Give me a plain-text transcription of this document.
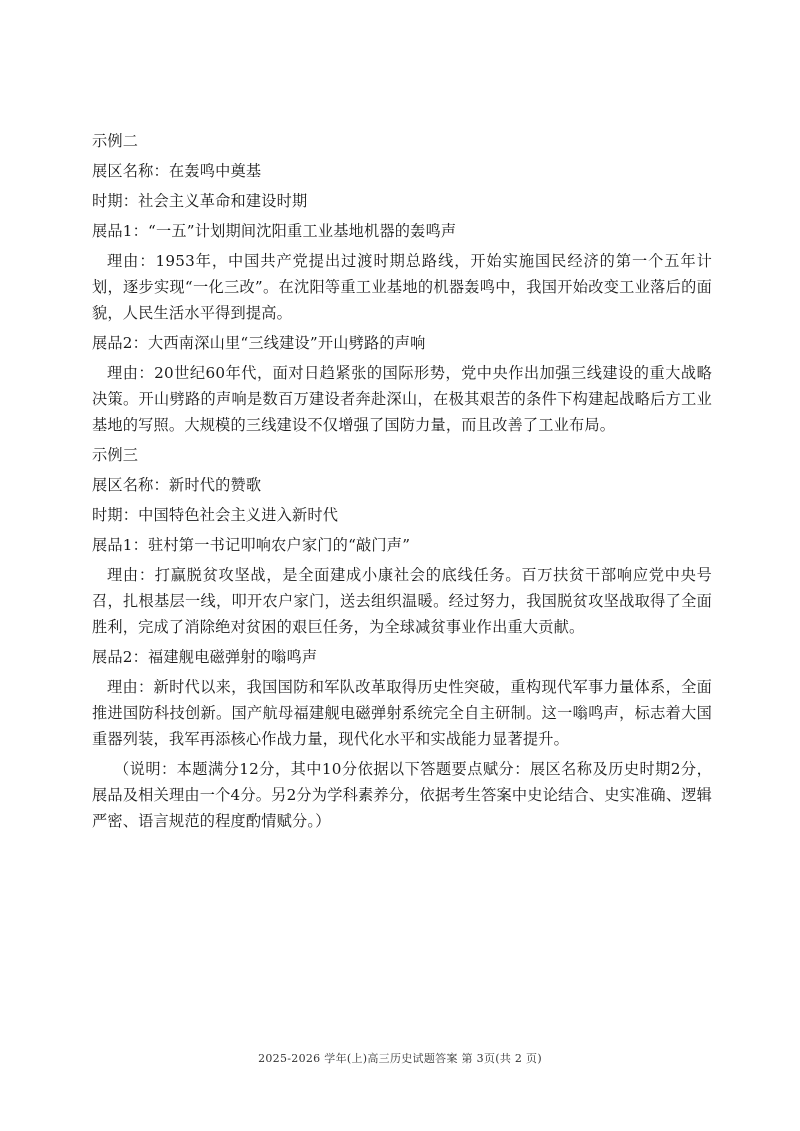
示例二
展区名称：在轰鸣中奠基
时期：社会主义革命和建设时期
展品1：“一五”计划期间沈阳重工业基地机器的轰鸣声
理由：1953年，中国共产党提出过渡时期总路线，开始实施国民经济的第一个五年计划，逐步实现“一化三改”。在沈阳等重工业基地的机器轰鸣中，我国开始改变工业落后的面貌，人民生活水平得到提高。
展品2：大西南深山里“三线建设”开山劈路的声响
理由：20世纪60年代，面对日趋紧张的国际形势，党中央作出加强三线建设的重大战略决策。开山劈路的声响是数百万建设者奔赴深山，在极其艰苦的条件下构建起战略后方工业基地的写照。大规模的三线建设不仅增强了国防力量，而且改善了工业布局。
示例三
展区名称：新时代的赞歌
时期：中国特色社会主义进入新时代
展品1：驻村第一书记叩响农户家门的“敲门声”
理由：打赢脱贫攻坚战，是全面建成小康社会的底线任务。百万扶贫干部响应党中央号召，扎根基层一线，叩开农户家门，送去组织温暖。经过努力，我国脱贫攻坚战取得了全面胜利，完成了消除绝对贫困的艰巨任务，为全球减贫事业作出重大贡献。
展品2：福建舰电磁弹射的嗡鸣声
理由：新时代以来，我国国防和军队改革取得历史性突破，重构现代军事力量体系，全面推进国防科技创新。国产航母福建舰电磁弹射系统完全自主研制。这一嗡鸣声，标志着大国重器列装，我军再添核心作战力量，现代化水平和实战能力显著提升。
（说明：本题满分12分，其中10分依据以下答题要点赋分：展区名称及历史时期2分，展品及相关理由一个4分。另2分为学科素养分，依据考生答案中史论结合、史实准确、逻辑严密、语言规范的程度酌情赋分。）
2025-2026 学年(上)高三历史试题答案 第 3页(共 2 页)
